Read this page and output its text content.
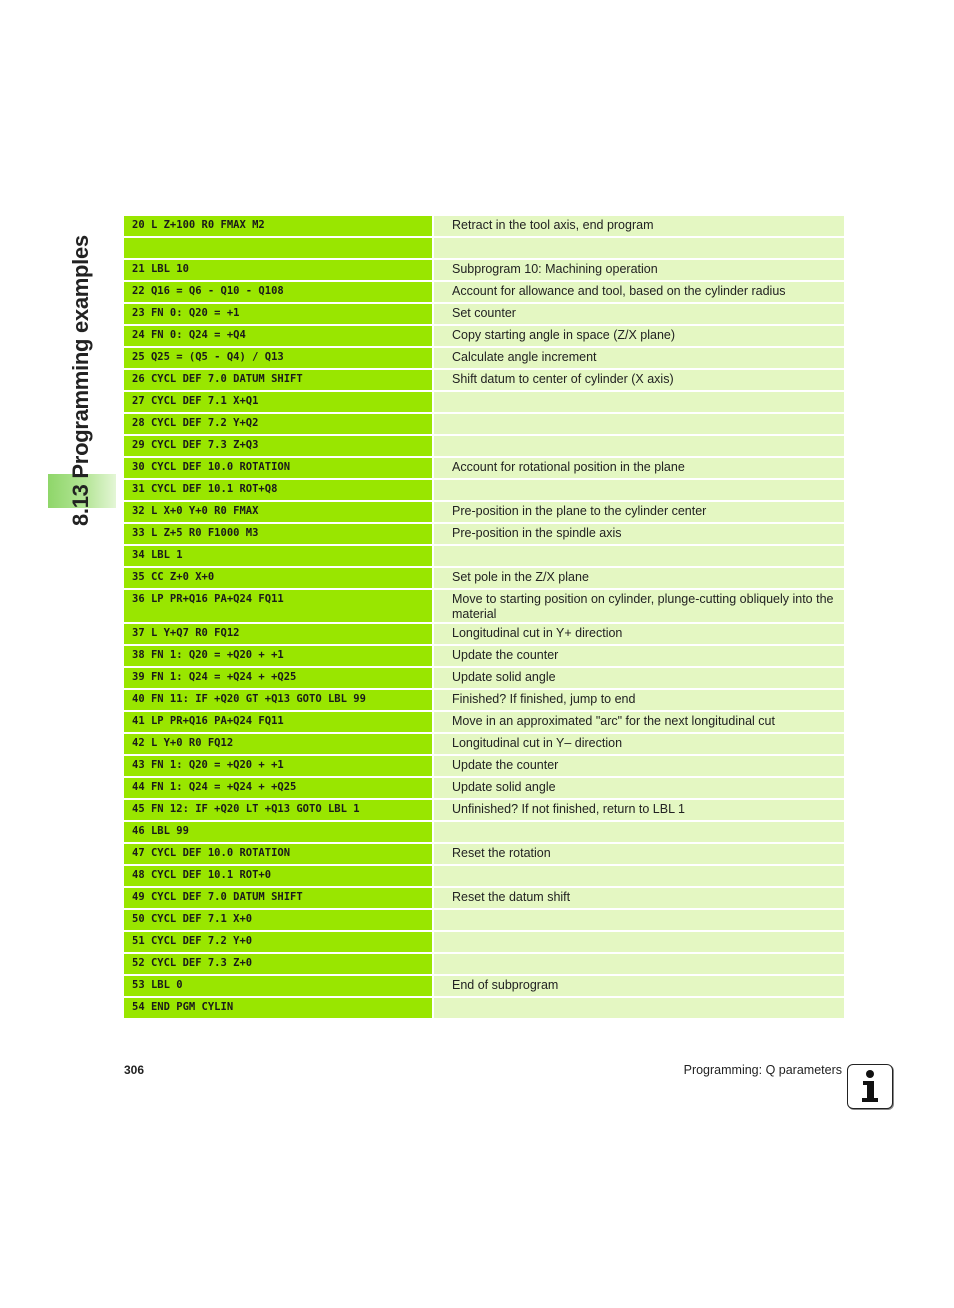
8.13 Programming examples
20 L Z+100 R0 FMAX M2	Retract in the tool axis, end program

21 LBL 10	Subprogram 10: Machining operation
22 Q16 = Q6 - Q10 - Q108	Account for allowance and tool, based on the cylinder radius
23 FN 0: Q20 = +1	Set counter
24 FN 0: Q24 = +Q4	Copy starting angle in space (Z/X plane)
25 Q25 = (Q5 - Q4) / Q13	Calculate angle increment
26 CYCL DEF 7.0 DATUM SHIFT	Shift datum to center of cylinder (X axis)
27 CYCL DEF 7.1 X+Q1	
28 CYCL DEF 7.2 Y+Q2	
29 CYCL DEF 7.3 Z+Q3	
30 CYCL DEF 10.0 ROTATION	Account for rotational position in the plane
31 CYCL DEF 10.1 ROT+Q8	
32 L X+0 Y+0 R0 FMAX	Pre-position in the plane to the cylinder center
33 L Z+5 R0 F1000 M3	Pre-position in the spindle axis
34 LBL 1	
35 CC Z+0 X+0	Set pole in the Z/X plane
36 LP PR+Q16 PA+Q24 FQ11	Move to starting position on cylinder, plunge-cutting obliquely into the material
37 L Y+Q7 R0 FQ12	Longitudinal cut in Y+ direction
38 FN 1: Q20 = +Q20 + +1	Update the counter
39 FN 1: Q24 = +Q24 + +Q25	Update solid angle
40 FN 11: IF +Q20 GT +Q13 GOTO LBL 99	Finished? If finished, jump to end
41 LP PR+Q16 PA+Q24 FQ11	Move in an approximated "arc" for the next longitudinal cut
42 L Y+0 R0 FQ12	Longitudinal cut in Y– direction
43 FN 1: Q20 = +Q20 + +1	Update the counter
44 FN 1: Q24 = +Q24 + +Q25	Update solid angle
45 FN 12: IF +Q20 LT +Q13 GOTO LBL 1	Unfinished? If not finished, return to LBL 1
46 LBL 99	
47 CYCL DEF 10.0 ROTATION	Reset the rotation
48 CYCL DEF 10.1 ROT+0	
49 CYCL DEF 7.0 DATUM SHIFT	Reset the datum shift
50 CYCL DEF 7.1 X+0	
51 CYCL DEF 7.2 Y+0	
52 CYCL DEF 7.3 Z+0	
53 LBL 0	End of subprogram
54 END PGM CYLIN	
306	Programming: Q parameters
